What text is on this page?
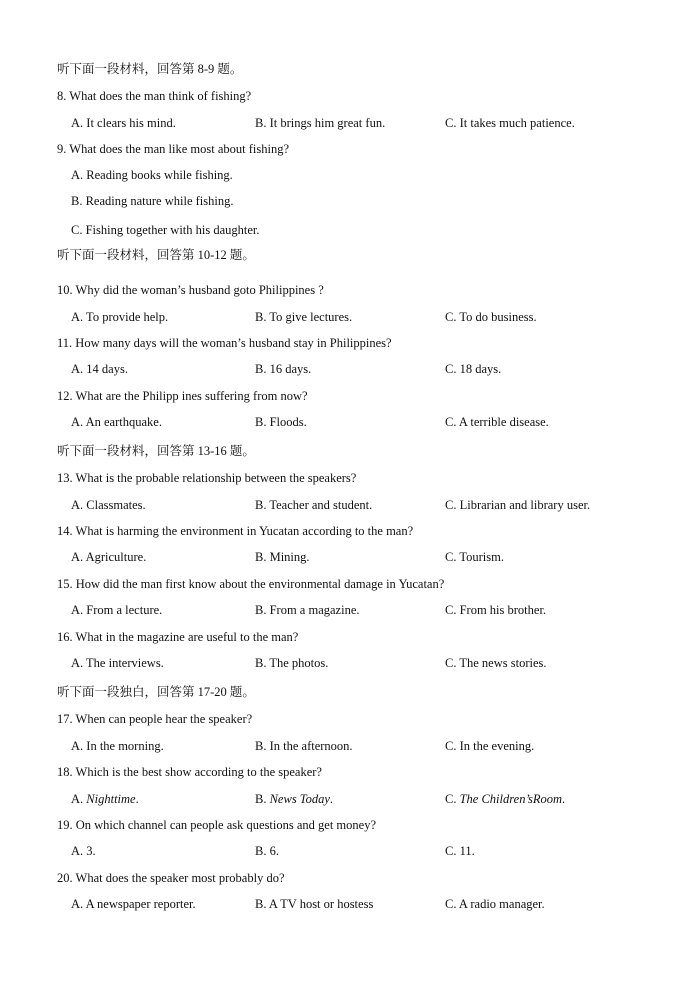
听下面一段材料，回答第 8-9 题。
8. What does the man think of fishing?
A. It clears his mind.	B. It brings him great fun.	C. It takes much patience.
9. What does the man like most about fishing?
A. Reading books while fishing.
B. Reading nature while fishing.
C. Fishing together with his daughter.
听下面一段材料，回答第 10-12 题。
10. Why did the woman’s husband goto Philippines ?
A. To provide help.	B. To give lectures.	C. To do business.
11. How many days will the woman’s husband stay in Philippines?
A. 14 days.	B. 16 days.	C. 18 days.
12. What are the Philipp ines suffering from now?
A. An earthquake.	B. Floods.	C. A terrible disease.
听下面一段材料，回答第 13-16 题。
13. What is the probable relationship between the speakers?
A. Classmates.	B. Teacher and student.	C. Librarian and library user.
14. What is harming the environment in Yucatan according to the man?
A. Agriculture.	B. Mining.	C. Tourism.
15. How did the man first know about the environmental damage in Yucatan?
A. From a lecture.	B. From a magazine.	C. From his brother.
16. What in the magazine are useful to the man?
A. The interviews.	B. The photos.	C. The news stories.
听下面一段独白，回答第 17-20 题。
17. When can people hear the speaker?
A. In the morning.	B. In the afternoon.	C. In the evening.
18. Which is the best show according to the speaker?
A. Nighttime.	B. News Today.	C. The Children’sRoom.
19. On which channel can people ask questions and get money?
A. 3.	B. 6.	C. 11.
20. What does the speaker most probably do?
A. A newspaper reporter.	B. A TV host or hostess	C. A radio manager.
